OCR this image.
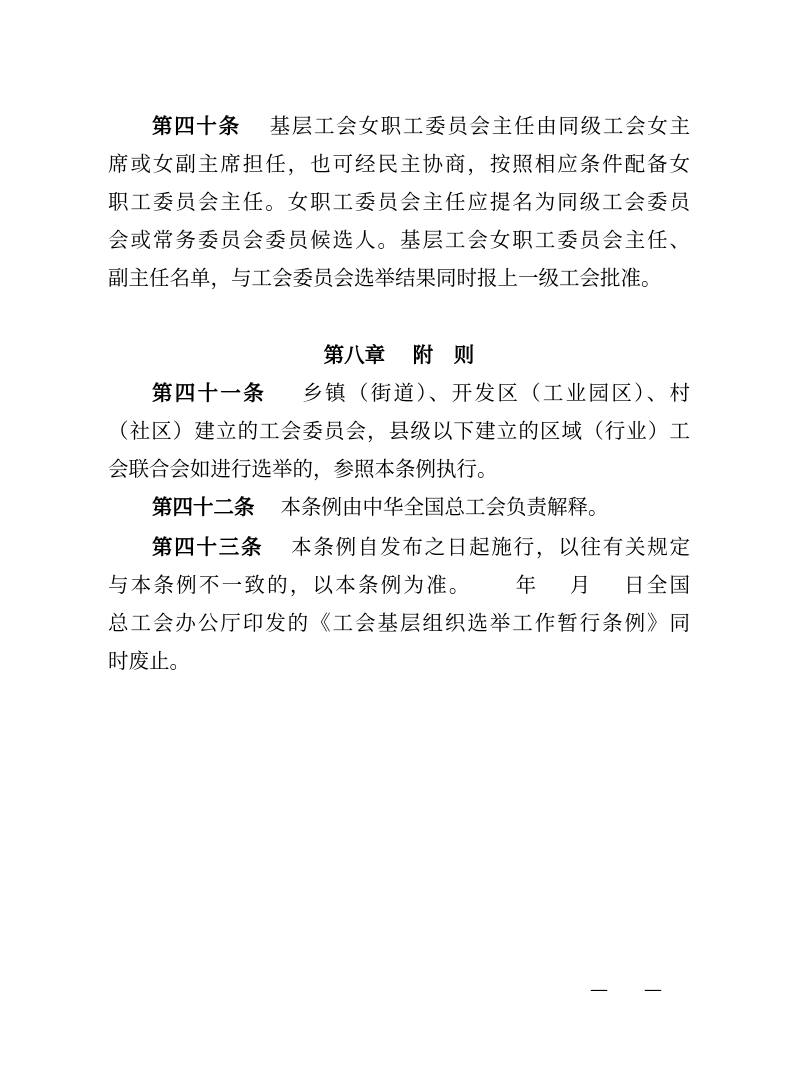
第四十条 基层工会女职工委员会主任由同级工会女主
席或女副主席担任，也可经民主协商，按照相应条件配备女
职工委员会主任。女职工委员会主任应提名为同级工会委员
会或常务委员会委员候选人。基层工会女职工委员会主任、
副主任名单，与工会委员会选举结果同时报上一级工会批准。
第八章　 附　则
第四十一条 乡镇（街道）、开发区（工业园区）、村
（社区）建立的工会委员会，县级以下建立的区域（行业）工
会联合会如进行选举的，参照本条例执行。
第四十二条 本条例由中华全国总工会负责解释。
第四十三条 本条例自发布之日起施行，以往有关规定
与本条例不一致的，以本条例为准。　　 年　 月　 日全国
总工会办公厅印发的《工会基层组织选举工作暂行条例》同
时废止。
—　　—
